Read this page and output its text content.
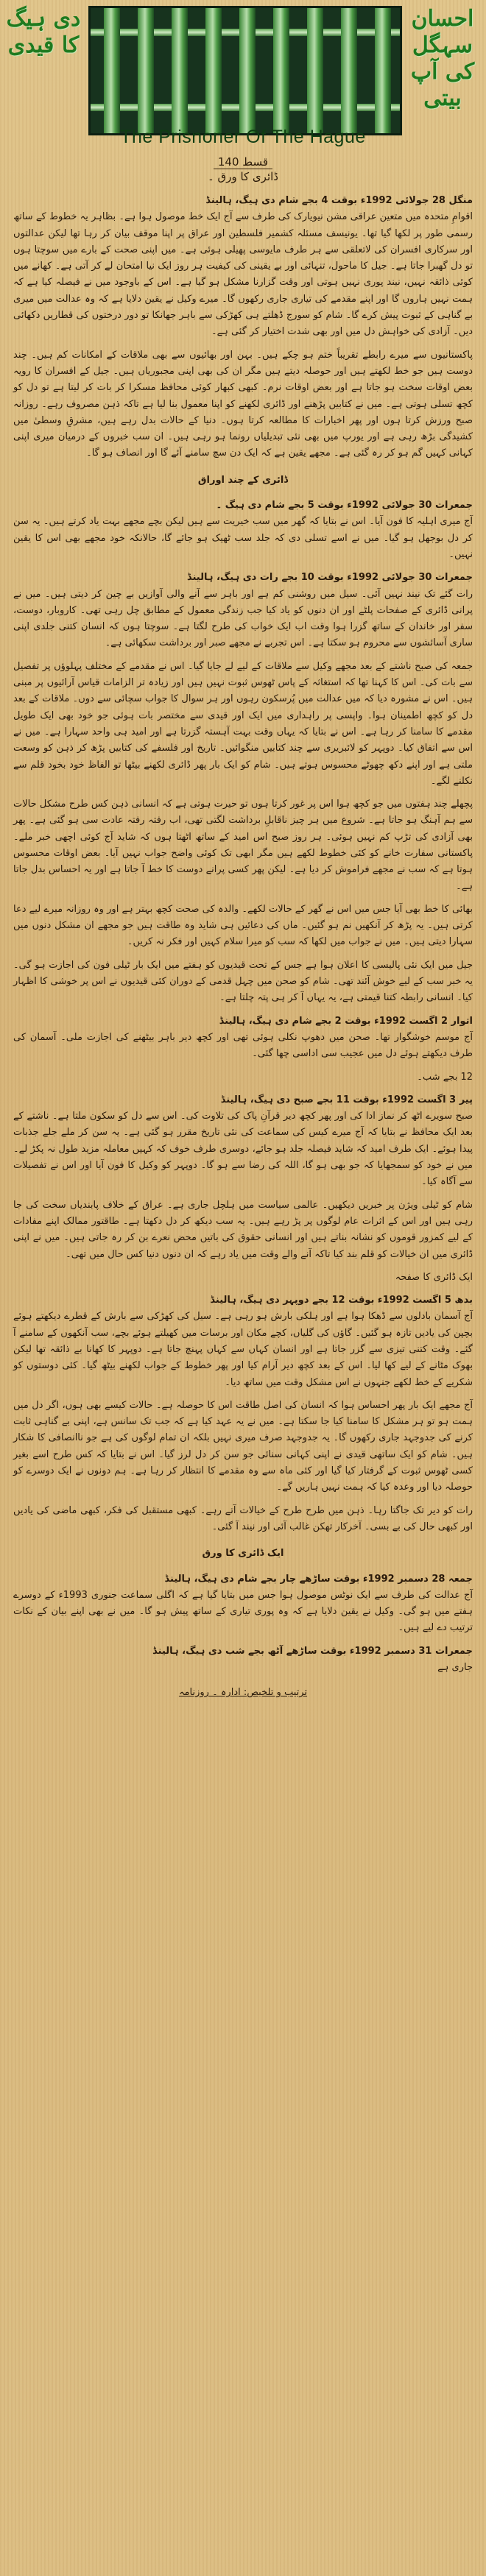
احسان سہگل کی آپ بیتی
دی ہیگ کا قیدی
The Prisnoner Of The Hague
قسط 140
ڈائری کا ورق ۔

منگل 28 جولائی 1992ء بوقت 4 بجے شام دی ہیگ، ہالینڈ
اقوامِ متحدہ میں متعین عراقی مشن نیویارک کی طرف سے آج ایک خط موصول ہوا ہے۔ بظاہر یہ خطوط کے ساتھ رسمی طور پر لکھا گیا تھا۔ یونیسف مسئلہ کشمیر فلسطین اور عراق پر اپنا موقف بیان کر رہا تھا لیکن عدالتوں اور سرکاری افسران کی لاتعلقی سے ہر طرف مایوسی پھیلی ہوئی ہے۔ میں اپنی صحت کے بارے میں سوچتا ہوں تو دل گھبرا جاتا ہے۔ جیل کا ماحول، تنہائی اور بے یقینی کی کیفیت ہر روز ایک نیا امتحان لے کر آتی ہے۔ کھانے میں کوئی ذائقہ نہیں، نیند پوری نہیں ہوتی اور وقت گزارنا مشکل ہو گیا ہے۔ اس کے باوجود میں نے فیصلہ کیا ہے کہ ہمت نہیں ہاروں گا اور اپنے مقدمے کی تیاری جاری رکھوں گا۔ میرے وکیل نے یقین دلایا ہے کہ وہ عدالت میں میری بے گناہی کے ثبوت پیش کرے گا۔ شام کو سورج ڈھلتے ہی کھڑکی سے باہر جھانکا تو دور درختوں کی قطاریں دکھائی دیں۔ آزادی کی خواہش دل میں اور بھی شدت اختیار کر گئی ہے۔

پاکستانیوں سے میرے رابطے تقریباً ختم ہو چکے ہیں۔ بہن اور بھائیوں سے بھی ملاقات کے امکانات کم ہیں۔ چند دوست ہیں جو خط لکھتے ہیں اور حوصلہ دیتے ہیں مگر ان کی بھی اپنی مجبوریاں ہیں۔ جیل کے افسران کا رویہ بعض اوقات سخت ہو جاتا ہے اور بعض اوقات نرم۔ کبھی کبھار کوئی محافظ مسکرا کر بات کر لیتا ہے تو دل کو کچھ تسلی ہوتی ہے۔ میں نے کتابیں پڑھنے اور ڈائری لکھنے کو اپنا معمول بنا لیا ہے تاکہ ذہن مصروف رہے۔ روزانہ صبح ورزش کرتا ہوں اور پھر اخبارات کا مطالعہ کرتا ہوں۔ دنیا کے حالات بدل رہے ہیں، مشرقِ وسطیٰ میں کشیدگی بڑھ رہی ہے اور یورپ میں بھی نئی تبدیلیاں رونما ہو رہی ہیں۔ ان سب خبروں کے درمیان میری اپنی کہانی کہیں گم ہو کر رہ گئی ہے۔ مجھے یقین ہے کہ ایک دن سچ سامنے آئے گا اور انصاف ہو گا۔

ڈائری کے چند اوراق

جمعرات 30 جولائی 1992ء بوقت 5 بجے شام دی ہیگ ۔
آج میری اہلیہ کا فون آیا۔ اس نے بتایا کہ گھر میں سب خیریت سے ہیں لیکن بچے مجھے بہت یاد کرتے ہیں۔ یہ سن کر دل بوجھل ہو گیا۔ میں نے اسے تسلی دی کہ جلد سب ٹھیک ہو جائے گا، حالانکہ خود مجھے بھی اس کا یقین نہیں۔

جمعرات 30 جولائی 1992ء بوقت 10 بجے رات دی ہیگ، ہالینڈ
رات گئے تک نیند نہیں آئی۔ سیل میں روشنی کم ہے اور باہر سے آنے والی آوازیں بے چین کر دیتی ہیں۔ میں نے پرانی ڈائری کے صفحات پلٹے اور ان دنوں کو یاد کیا جب زندگی معمول کے مطابق چل رہی تھی۔ کاروبار، دوست، سفر اور خاندان کے ساتھ گزرا ہوا وقت اب ایک خواب کی طرح لگتا ہے۔ سوچتا ہوں کہ انسان کتنی جلدی اپنی ساری آسائشوں سے محروم ہو سکتا ہے۔ اس تجربے نے مجھے صبر اور برداشت سکھائی ہے۔

جمعہ کی صبح ناشتے کے بعد مجھے وکیل سے ملاقات کے لیے لے جایا گیا۔ اس نے مقدمے کے مختلف پہلوؤں پر تفصیل سے بات کی۔ اس کا کہنا تھا کہ استغاثہ کے پاس ٹھوس ثبوت نہیں ہیں اور زیادہ تر الزامات قیاس آرائیوں پر مبنی ہیں۔ اس نے مشورہ دیا کہ میں عدالت میں پُرسکون رہوں اور ہر سوال کا جواب سچائی سے دوں۔ ملاقات کے بعد دل کو کچھ اطمینان ہوا۔ واپسی پر راہداری میں ایک اور قیدی سے مختصر بات ہوئی جو خود بھی ایک طویل مقدمے کا سامنا کر رہا ہے۔ اس نے بتایا کہ یہاں وقت بہت آہستہ گزرتا ہے اور امید ہی واحد سہارا ہے۔ میں نے اس سے اتفاق کیا۔ دوپہر کو لائبریری سے چند کتابیں منگوائیں۔ تاریخ اور فلسفے کی کتابیں پڑھ کر ذہن کو وسعت ملتی ہے اور اپنے دکھ چھوٹے محسوس ہوتے ہیں۔ شام کو ایک بار پھر ڈائری لکھنے بیٹھا تو الفاظ خود بخود قلم سے نکلنے لگے۔

پچھلے چند ہفتوں میں جو کچھ ہوا اس پر غور کرتا ہوں تو حیرت ہوتی ہے کہ انسانی ذہن کس طرح مشکل حالات سے ہم آہنگ ہو جاتا ہے۔ شروع میں ہر چیز ناقابلِ برداشت لگتی تھی، اب رفتہ رفتہ عادت سی ہو گئی ہے۔ پھر بھی آزادی کی تڑپ کم نہیں ہوئی۔ ہر روز صبح اس امید کے ساتھ اٹھتا ہوں کہ شاید آج کوئی اچھی خبر ملے۔ پاکستانی سفارت خانے کو کئی خطوط لکھے ہیں مگر ابھی تک کوئی واضح جواب نہیں آیا۔ بعض اوقات محسوس ہوتا ہے کہ سب نے مجھے فراموش کر دیا ہے۔ لیکن پھر کسی پرانے دوست کا خط آ جاتا ہے اور یہ احساس بدل جاتا ہے۔

بھائی کا خط بھی آیا جس میں اس نے گھر کے حالات لکھے۔ والدہ کی صحت کچھ بہتر ہے اور وہ روزانہ میرے لیے دعا کرتی ہیں۔ یہ پڑھ کر آنکھیں نم ہو گئیں۔ ماں کی دعائیں ہی شاید وہ طاقت ہیں جو مجھے ان مشکل دنوں میں سہارا دیتی ہیں۔ میں نے جواب میں لکھا کہ سب کو میرا سلام کہیں اور فکر نہ کریں۔

جیل میں ایک نئی پالیسی کا اعلان ہوا ہے جس کے تحت قیدیوں کو ہفتے میں ایک بار ٹیلی فون کی اجازت ہو گی۔ یہ خبر سب کے لیے خوش آئند تھی۔ شام کو صحن میں چہل قدمی کے دوران کئی قیدیوں نے اس پر خوشی کا اظہار کیا۔ انسانی رابطہ کتنا قیمتی ہے، یہ یہاں آ کر ہی پتہ چلتا ہے۔

اتوار 2 اگست 1992ء بوقت 2 بجے شام دی ہیگ، ہالینڈ
آج موسم خوشگوار تھا۔ صحن میں دھوپ نکلی ہوئی تھی اور کچھ دیر باہر بیٹھنے کی اجازت ملی۔ آسمان کی طرف دیکھتے ہوئے دل میں عجیب سی اداسی چھا گئی۔

12 بجے شب۔

پیر 3 اگست 1992ء بوقت 11 بجے صبح دی ہیگ، ہالینڈ
صبح سویرے اٹھ کر نماز ادا کی اور پھر کچھ دیر قرآنِ پاک کی تلاوت کی۔ اس سے دل کو سکون ملتا ہے۔ ناشتے کے بعد ایک محافظ نے بتایا کہ آج میرے کیس کی سماعت کی نئی تاریخ مقرر ہو گئی ہے۔ یہ سن کر ملے جلے جذبات پیدا ہوئے۔ ایک طرف امید کہ شاید فیصلہ جلد ہو جائے، دوسری طرف خوف کہ کہیں معاملہ مزید طول نہ پکڑ لے۔ میں نے خود کو سمجھایا کہ جو بھی ہو گا، اللہ کی رضا سے ہو گا۔ دوپہر کو وکیل کا فون آیا اور اس نے تفصیلات سے آگاہ کیا۔

شام کو ٹیلی ویژن پر خبریں دیکھیں۔ عالمی سیاست میں ہلچل جاری ہے۔ عراق کے خلاف پابندیاں سخت کی جا رہی ہیں اور اس کے اثرات عام لوگوں پر پڑ رہے ہیں۔ یہ سب دیکھ کر دل دکھتا ہے۔ طاقتور ممالک اپنے مفادات کے لیے کمزور قوموں کو نشانہ بناتے ہیں اور انسانی حقوق کی باتیں محض نعرے بن کر رہ جاتی ہیں۔ میں نے اپنی ڈائری میں ان خیالات کو قلم بند کیا تاکہ آنے والے وقت میں یاد رہے کہ ان دنوں دنیا کس حال میں تھی۔

ایک ڈائری کا صفحہ

بدھ 5 اگست 1992ء بوقت 12 بجے دوپہر دی ہیگ، ہالینڈ
آج آسمان بادلوں سے ڈھکا ہوا ہے اور ہلکی بارش ہو رہی ہے۔ سیل کی کھڑکی سے بارش کے قطرے دیکھتے ہوئے بچپن کی یادیں تازہ ہو گئیں۔ گاؤں کی گلیاں، کچے مکان اور برسات میں کھیلتے ہوئے بچے، سب آنکھوں کے سامنے آ گئے۔ وقت کتنی تیزی سے گزر جاتا ہے اور انسان کہاں سے کہاں پہنچ جاتا ہے۔ دوپہر کا کھانا بے ذائقہ تھا لیکن بھوک مٹانے کے لیے کھا لیا۔ اس کے بعد کچھ دیر آرام کیا اور پھر خطوط کے جواب لکھنے بیٹھ گیا۔ کئی دوستوں کو شکریے کے خط لکھے جنہوں نے اس مشکل وقت میں ساتھ دیا۔

آج مجھے ایک بار پھر احساس ہوا کہ انسان کی اصل طاقت اس کا حوصلہ ہے۔ حالات کیسے بھی ہوں، اگر دل میں ہمت ہو تو ہر مشکل کا سامنا کیا جا سکتا ہے۔ میں نے یہ عہد کیا ہے کہ جب تک سانس ہے، اپنی بے گناہی ثابت کرنے کی جدوجہد جاری رکھوں گا۔ یہ جدوجہد صرف میری نہیں بلکہ ان تمام لوگوں کی ہے جو ناانصافی کا شکار ہیں۔ شام کو ایک ساتھی قیدی نے اپنی کہانی سنائی جو سن کر دل لرز گیا۔ اس نے بتایا کہ کس طرح اسے بغیر کسی ٹھوس ثبوت کے گرفتار کیا گیا اور کئی ماہ سے وہ مقدمے کا انتظار کر رہا ہے۔ ہم دونوں نے ایک دوسرے کو حوصلہ دیا اور وعدہ کیا کہ ہمت نہیں ہاریں گے۔

رات کو دیر تک جاگتا رہا۔ ذہن میں طرح طرح کے خیالات آتے رہے۔ کبھی مستقبل کی فکر، کبھی ماضی کی یادیں اور کبھی حال کی بے بسی۔ آخرکار تھکن غالب آئی اور نیند آ گئی۔

ایک ڈائری کا ورق

جمعہ 28 دسمبر 1992ء بوقت ساڑھے چار بجے شام دی ہیگ، ہالینڈ
آج عدالت کی طرف سے ایک نوٹس موصول ہوا جس میں بتایا گیا ہے کہ اگلی سماعت جنوری 1993ء کے دوسرے ہفتے میں ہو گی۔ وکیل نے یقین دلایا ہے کہ وہ پوری تیاری کے ساتھ پیش ہو گا۔ میں نے بھی اپنے بیان کے نکات ترتیب دے لیے ہیں۔

جمعرات 31 دسمبر 1992ء بوقت ساڑھے آٹھ بجے شب دی ہیگ، ہالینڈ
جاری ہے

ترتیب و تلخیص: ادارہ ۔ روزنامہ
